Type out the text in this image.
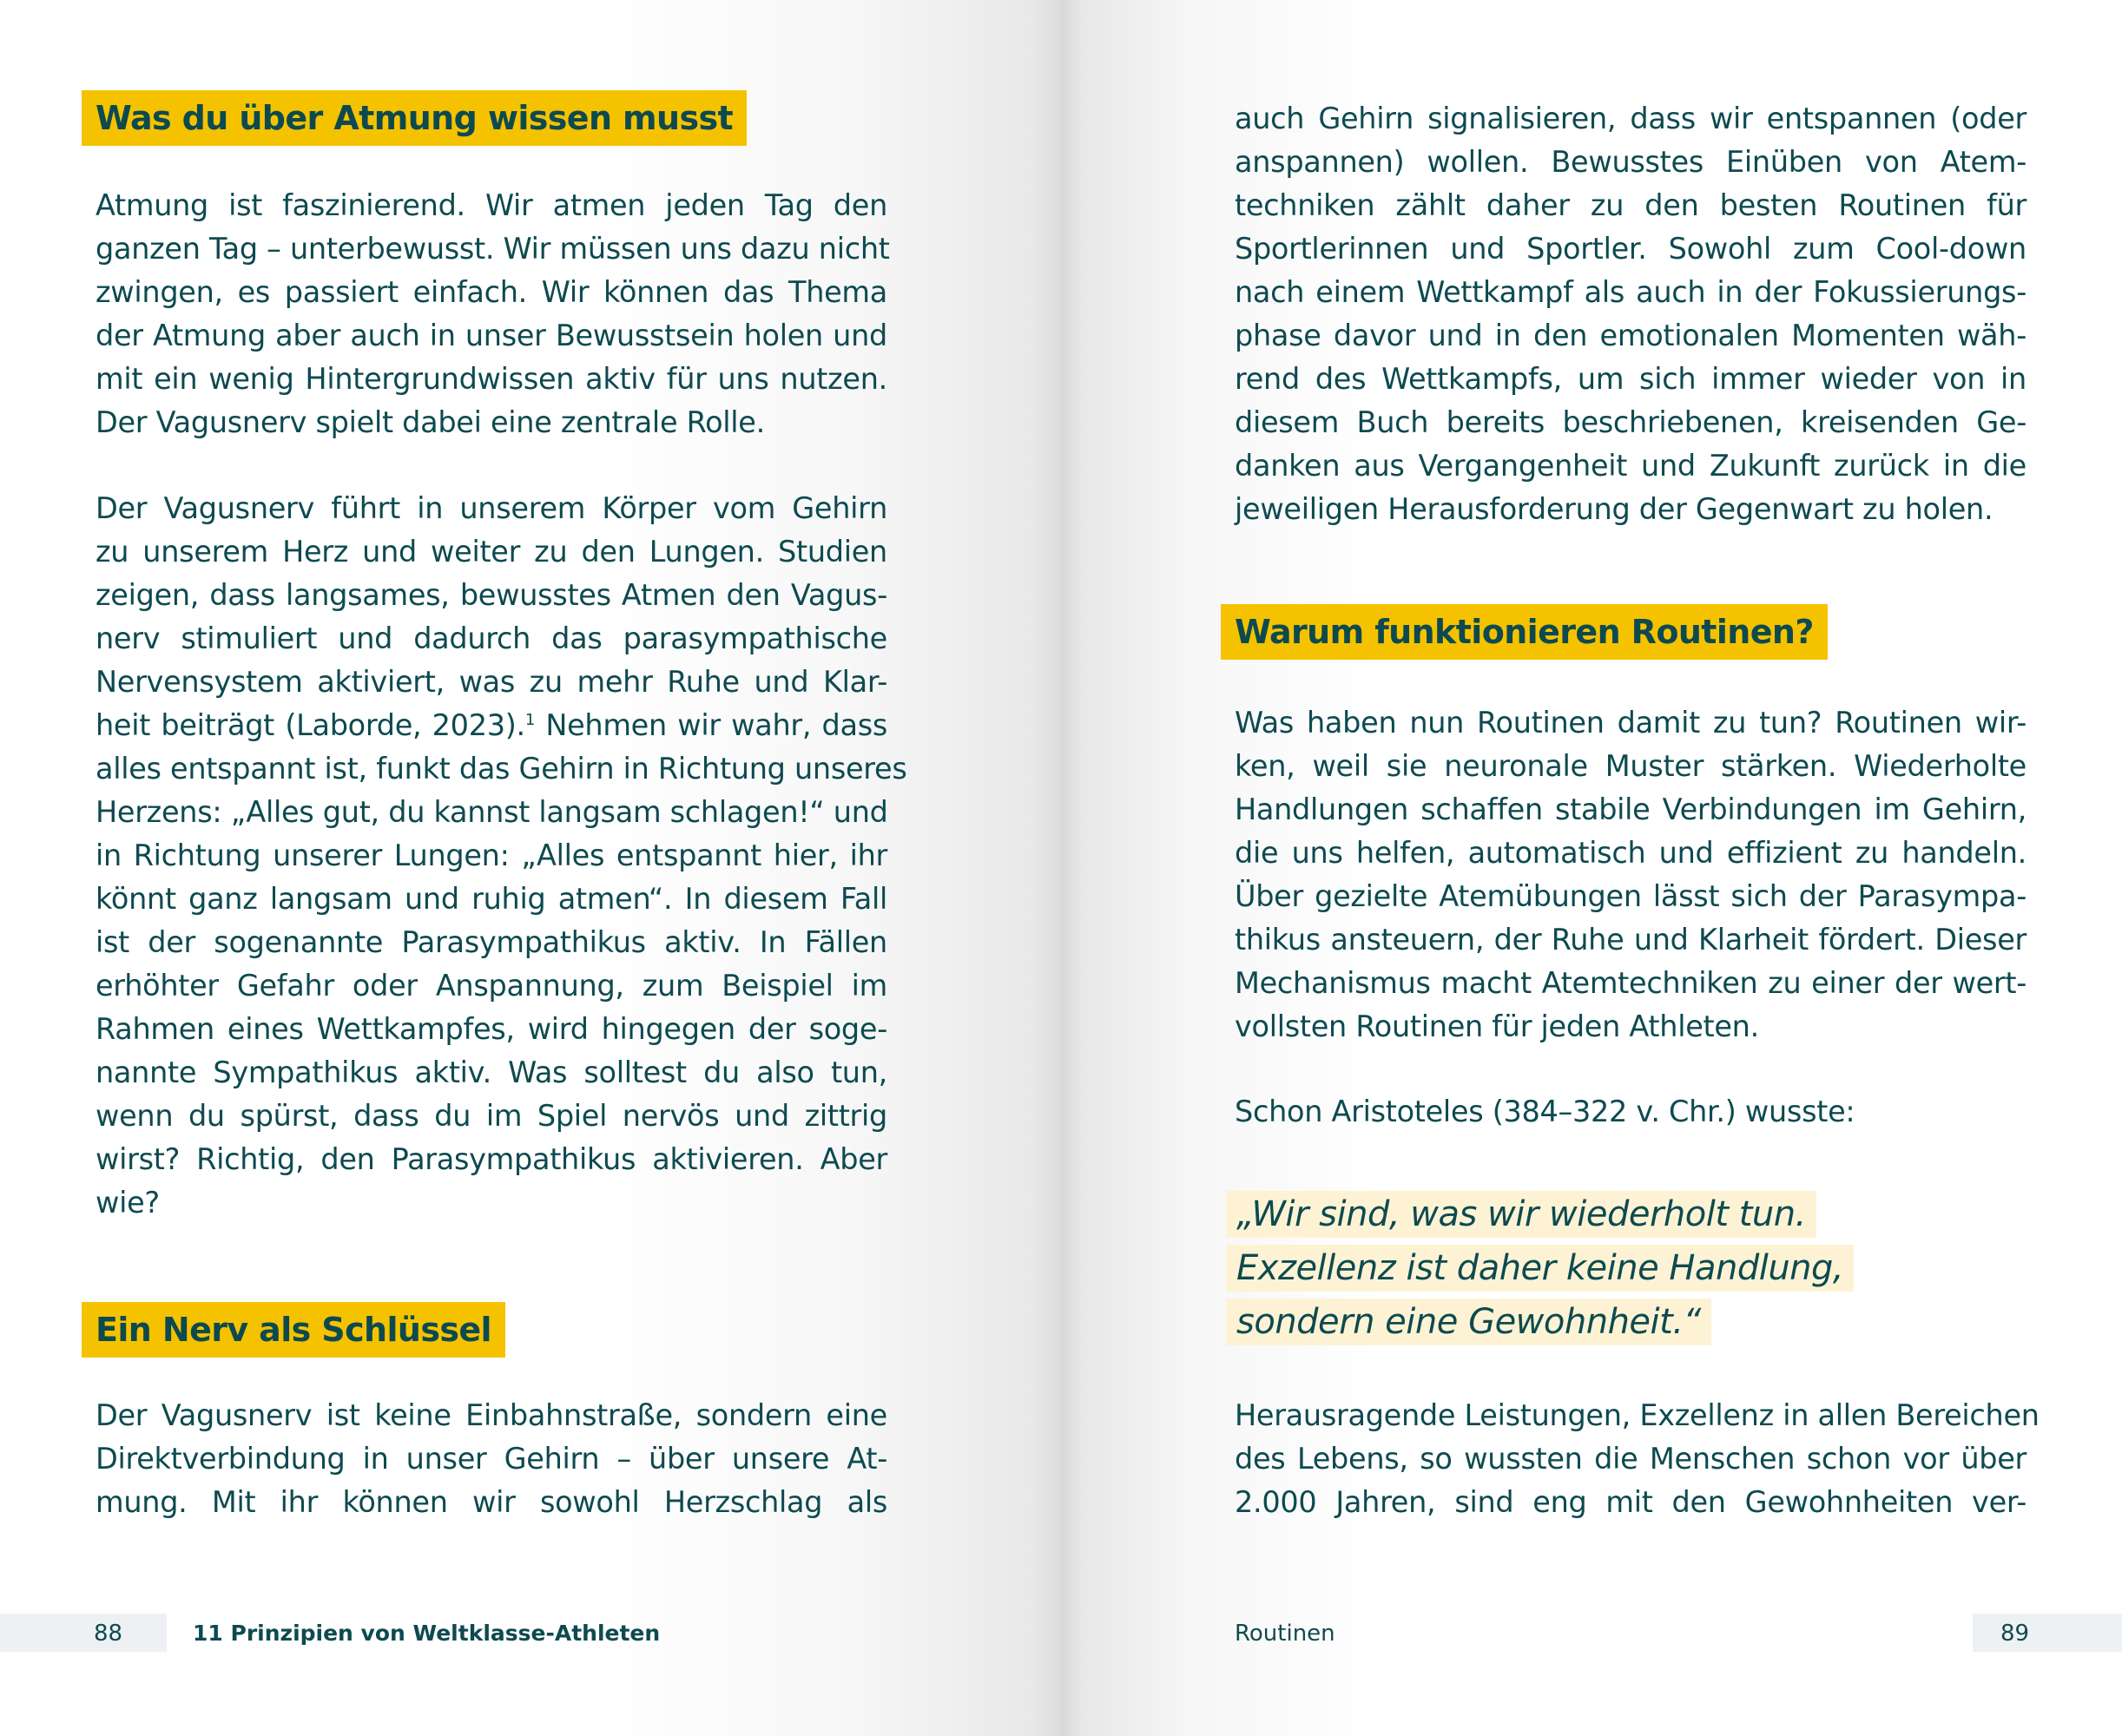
Was du über Atmung wissen musst
Atmung ist faszinierend. Wir atmen jeden Tag den
ganzen Tag – unterbewusst. Wir müssen uns dazu nicht
zwingen, es passiert einfach. Wir können das Thema
der Atmung aber auch in unser Bewusstsein holen und
mit ein wenig Hintergrundwissen aktiv für uns nutzen.
Der Vagusnerv spielt dabei eine zentrale Rolle.
Der Vagusnerv führt in unserem Körper vom Gehirn
zu unserem Herz und weiter zu den Lungen. Studien
zeigen, dass langsames, bewusstes Atmen den Vagus-
nerv stimuliert und dadurch das parasympathische
Nervensystem aktiviert, was zu mehr Ruhe und Klar-
heit beiträgt (Laborde, 2023).$^1$ Nehmen wir wahr, dass
alles entspannt ist, funkt das Gehirn in Richtung unseres
Herzens: „Alles gut, du kannst langsam schlagen!“ und
in Richtung unserer Lungen: „Alles entspannt hier, ihr
könnt ganz langsam und ruhig atmen“. In diesem Fall
ist der sogenannte Parasympathikus aktiv. In Fällen
erhöhter Gefahr oder Anspannung, zum Beispiel im
Rahmen eines Wettkampfes, wird hingegen der soge-
nannte Sympathikus aktiv. Was solltest du also tun,
wenn du spürst, dass du im Spiel nervös und zittrig
wirst? Richtig, den Parasympathikus aktivieren. Aber
wie?
Ein Nerv als Schlüssel
Der Vagusnerv ist keine Einbahnstraße, sondern eine
Direktverbindung in unser Gehirn – über unsere At-
mung. Mit ihr können wir sowohl Herzschlag als
88	11 Prinzipien von Weltklasse-Athleten
auch Gehirn signalisieren, dass wir entspannen (oder
anspannen) wollen. Bewusstes Einüben von Atem-
techniken zählt daher zu den besten Routinen für
Sportlerinnen und Sportler. Sowohl zum Cool-down
nach einem Wettkampf als auch in der Fokussierungs-
phase davor und in den emotionalen Momenten wäh-
rend des Wettkampfs, um sich immer wieder von in
diesem Buch bereits beschriebenen, kreisenden Ge-
danken aus Vergangenheit und Zukunft zurück in die
jeweiligen Herausforderung der Gegenwart zu holen.
Warum funktionieren Routinen?
Was haben nun Routinen damit zu tun? Routinen wir-
ken, weil sie neuronale Muster stärken. Wiederholte
Handlungen schaffen stabile Verbindungen im Gehirn,
die uns helfen, automatisch und effizient zu handeln.
Über gezielte Atemübungen lässt sich der Parasympa-
thikus ansteuern, der Ruhe und Klarheit fördert. Dieser
Mechanismus macht Atemtechniken zu einer der wert-
vollsten Routinen für jeden Athleten.
Schon Aristoteles (384–322 v. Chr.) wusste:
„Wir sind, was wir wiederholt tun.
Exzellenz ist daher keine Handlung,
sondern eine Gewohnheit.“
Herausragende Leistungen, Exzellenz in allen Bereichen
des Lebens, so wussten die Menschen schon vor über
2.000 Jahren, sind eng mit den Gewohnheiten ver-
Routinen	89
